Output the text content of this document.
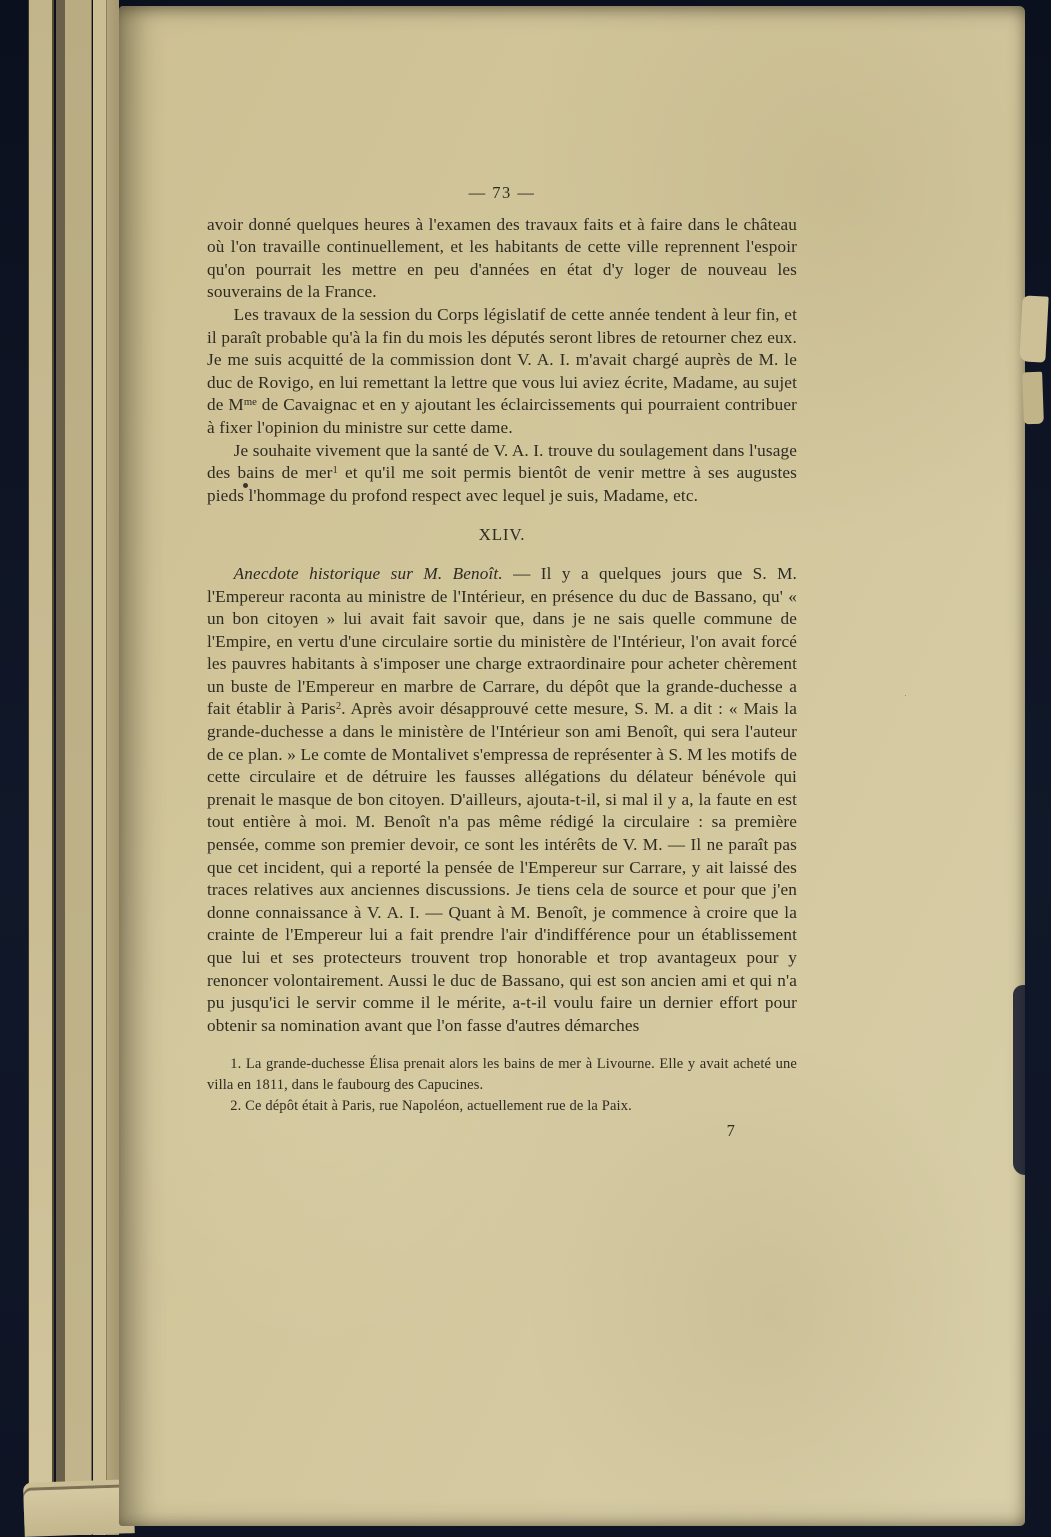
— 73 —

avoir donné quelques heures à l'examen des travaux faits et à faire dans le château où l'on travaille continuellement, et les habitants de cette ville reprennent l'espoir qu'on pourrait les mettre en peu d'années en état d'y loger de nouveau les souverains de la France.

Les travaux de la session du Corps législatif de cette année tendent à leur fin, et il paraît probable qu'à la fin du mois les députés seront libres de retourner chez eux. Je me suis acquitté de la commission dont V. A. I. m'avait chargé auprès de M. le duc de Rovigo, en lui remettant la lettre que vous lui aviez écrite, Madame, au sujet de M$^{me}$ de Cavaignac et en y ajoutant les éclaircissements qui pourraient contribuer à fixer l'opinion du ministre sur cette dame.

Je souhaite vivement que la santé de V. A. I. trouve du soulagement dans l'usage des bains de mer$^1$ et qu'il me soit permis bientôt de venir mettre à ses augustes pieds l'hommage du profond respect avec lequel je suis, Madame, etc.

XLIV.

Anecdote historique sur M. Benoît. — Il y a quelques jours que S. M. l'Empereur raconta au ministre de l'Intérieur, en présence du duc de Bassano, qu' « un bon citoyen » lui avait fait savoir que, dans je ne sais quelle commune de l'Empire, en vertu d'une circulaire sortie du ministère de l'Intérieur, l'on avait forcé les pauvres habitants à s'imposer une charge extraordinaire pour acheter chèrement un buste de l'Empereur en marbre de Carrare, du dépôt que la grande-duchesse a fait établir à Paris$^2$. Après avoir désapprouvé cette mesure, S. M. a dit : « Mais la grande-duchesse a dans le ministère de l'Intérieur son ami Benoît, qui sera l'auteur de ce plan. » Le comte de Montalivet s'empressa de représenter à S. M les motifs de cette circulaire et de détruire les fausses allégations du délateur bénévole qui prenait le masque de bon citoyen. D'ailleurs, ajouta-t-il, si mal il y a, la faute en est tout entière à moi. M. Benoît n'a pas même rédigé la circulaire : sa première pensée, comme son premier devoir, ce sont les intérêts de V. M. — Il ne paraît pas que cet incident, qui a reporté la pensée de l'Empereur sur Carrare, y ait laissé des traces relatives aux anciennes discussions. Je tiens cela de source et pour que j'en donne connaissance à V. A. I. — Quant à M. Benoît, je commence à croire que la crainte de l'Empereur lui a fait prendre l'air d'indifférence pour un établissement que lui et ses protecteurs trouvent trop honorable et trop avantageux pour y renoncer volontairement. Aussi le duc de Bassano, qui est son ancien ami et qui n'a pu jusqu'ici le servir comme il le mérite, a-t-il voulu faire un dernier effort pour obtenir sa nomination avant que l'on fasse d'autres démarches

1. La grande-duchesse Élisa prenait alors les bains de mer à Livourne. Elle y avait acheté une villa en 1811, dans le faubourg des Capucines.

2. Ce dépôt était à Paris, rue Napoléon, actuellement rue de la Paix.

7
